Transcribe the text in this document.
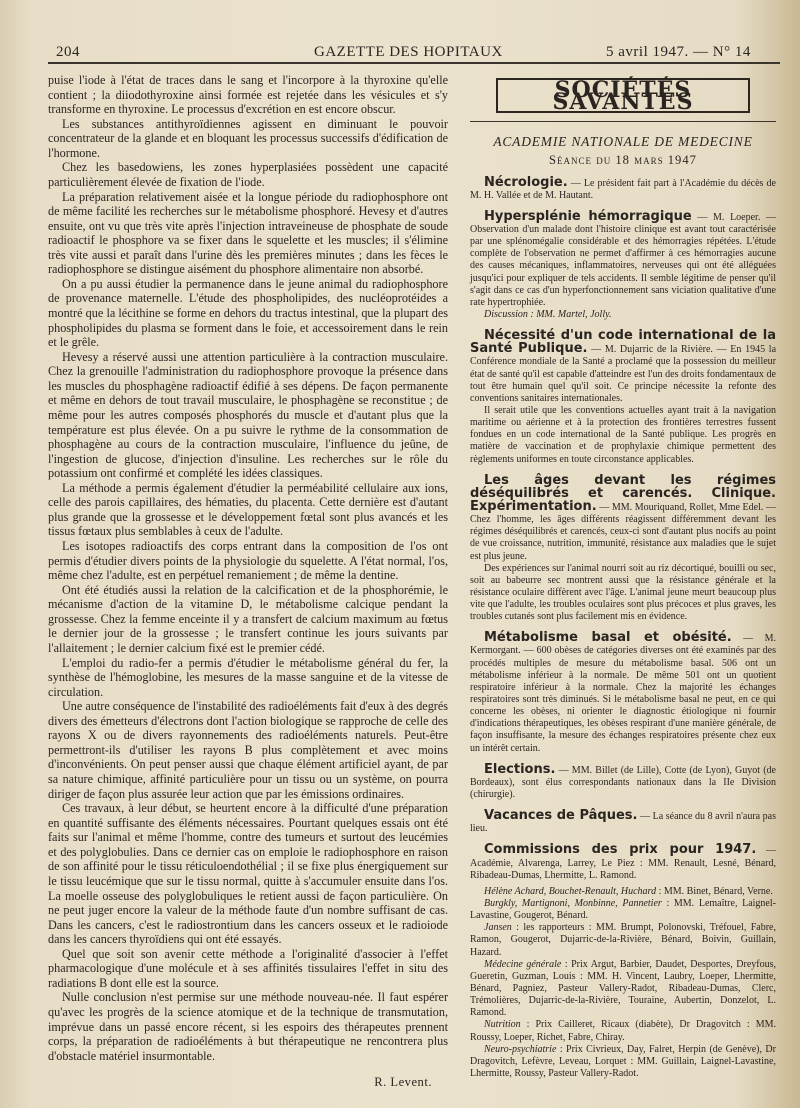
204	GAZETTE DES HOPITAUX	5 avril 1947. — N° 14

puise l'iode à l'état de traces dans le sang et l'incorpore à la thyroxine qu'elle contient ; la diiodothyroxine ainsi formée est rejetée dans les vésicules et s'y transforme en thyroxine. Le processus d'excrétion en est encore obscur.

Les substances antithyroïdiennes agissent en diminuant le pouvoir concentrateur de la glande et en bloquant les processus successifs d'édification de l'hormone.

Chez les basedowiens, les zones hyperplasiées possèdent une capacité particulièrement élevée de fixation de l'iode.

La préparation relativement aisée et la longue période du radiophosphore ont de même facilité les recherches sur le métabolisme phosphoré. Hevesy et d'autres ensuite, ont vu que très vite après l'injection intraveineuse de phosphate de soude radioactif le phosphore va se fixer dans le squelette et les muscles; il s'élimine très vite aussi et paraît dans l'urine dès les premières minutes ; dans les fèces le radiophosphore se distingue aisément du phosphore alimentaire non absorbé.

On a pu aussi étudier la permanence dans le jeune animal du radiophosphore de provenance maternelle. L'étude des phospholipides, des nucléoprotéides a montré que la lécithine se forme en dehors du tractus intestinal, que la plupart des phospholipides du plasma se forment dans le foie, et accessoirement dans le rein et le grêle.

Hevesy a réservé aussi une attention particulière à la contraction musculaire. Chez la grenouille l'administration du radiophosphore provoque la présence dans les muscles du phosphagène radioactif édifié à ses dépens. De façon permanente et même en dehors de tout travail musculaire, le phosphagène se reconstitue ; de même pour les autres composés phosphorés du muscle et d'autant plus que la température est plus élevée. On a pu suivre le rythme de la consommation de phosphagène au cours de la contraction musculaire, l'influence du jeûne, de l'ingestion de glucose, d'injection d'insuline. Les recherches sur le rôle du potassium ont confirmé et complété les idées classiques.

La méthode a permis également d'étudier la perméabilité cellulaire aux ions, celle des parois capillaires, des hématies, du placenta. Cette dernière est d'autant plus grande que la grossesse et le développement fœtal sont plus avancés et les tissus fœtaux plus semblables à ceux de l'adulte.

Les isotopes radioactifs des corps entrant dans la composition de l'os ont permis d'étudier divers points de la physiologie du squelette. A l'état normal, l'os, même chez l'adulte, est en perpétuel remaniement ; de même la dentine.

Ont été étudiés aussi la relation de la calcification et de la phosphorémie, le mécanisme d'action de la vitamine D, le métabolisme calcique pendant la grossesse. Chez la femme enceinte il y a transfert de calcium maximum au fœtus le dernier jour de la grossesse ; le transfert continue les jours suivants par l'allaitement ; le dernier calcium fixé est le premier cédé.

L'emploi du radio-fer a permis d'étudier le métabolisme général du fer, la synthèse de l'hémoglobine, les mesures de la masse sanguine et de la vitesse de circulation.

Une autre conséquence de l'instabilité des radioéléments fait d'eux à des degrés divers des émetteurs d'électrons dont l'action biologique se rapproche de celle des rayons X ou de divers rayonnements des radioéléments naturels. Peut-être permettront-ils d'utiliser les rayons B plus complètement et avec moins d'inconvénients. On peut penser aussi que chaque élément artificiel ayant, de par sa nature chimique, affinité particulière pour un tissu ou un système, on pourra diriger de façon plus assurée leur action que par les émissions ordinaires.

Ces travaux, à leur début, se heurtent encore à la difficulté d'une préparation en quantité suffisante des éléments nécessaires. Pourtant quelques essais ont été faits sur l'animal et même l'homme, contre des tumeurs et surtout des leucémies et des polyglobulies. Dans ce dernier cas on emploie le radiophosphore en raison de son affinité pour le tissu réticuloendothélial ; il se fixe plus énergiquement sur le tissu leucémique que sur le tissu normal, quitte à s'accumuler ensuite dans l'os. La moelle osseuse des polyglobuliques le retient aussi de façon particulière. On ne peut juger encore la valeur de la méthode faute d'un nombre suffisant de cas. Dans les cancers, c'est le radiostrontium dans les cancers osseux et le radioiode dans les cancers thyroïdiens qui ont été essayés.

Quel que soit son avenir cette méthode a l'originalité d'associer à l'effet pharmacologique d'une molécule et à ses affinités tissulaires l'effet in situ des radiations B dont elle est la source.

Nulle conclusion n'est permise sur une méthode nouveau-née. Il faut espérer qu'avec les progrès de la science atomique et de la technique de transmutation, imprévue dans un passé encore récent, si les espoirs des thérapeutes prennent corps, la préparation de radioéléments à but thérapeutique ne rencontrera plus d'obstacle matériel insurmontable.

R. Levent.
SOCIÉTÉS SAVANTES
ACADEMIE NATIONALE DE MEDECINE
Séance du 18 mars 1947

Nécrologie. — Le président fait part à l'Académie du décès de M. H. Vallée et de M. Hautant.

Hypersplénie hémorragique — M. Loeper. — Observation d'un malade dont l'histoire clinique est avant tout caractérisée par une splénomégalie considérable et des hémorragies répétées. L'étude complète de l'observation ne permet d'affirmer à ces hémorragies aucune des causes mécaniques, inflammatoires, nerveuses qui ont été alléguées jusqu'ici pour expliquer de tels accidents. Il semble légitime de penser qu'il s'agit dans ce cas d'un hyperfonctionnement sans viciation qualitative d'une rate hypertrophiée.

Discussion : MM. Martel, Jolly.

Nécessité d'un code international de la Santé Publique. — M. Dujarric de la Rivière. — En 1945 la Conférence mondiale de la Santé a proclamé que la possession du meilleur état de santé qu'il est capable d'atteindre est l'un des droits fondamentaux de tout être humain quel qu'il soit. Ce principe nécessite la refonte des conventions sanitaires internationales.

Il serait utile que les conventions actuelles ayant trait à la navigation maritime ou aérienne et à la protection des frontières terrestres fussent fondues en un code international de la Santé publique. Les progrès en matière de vaccination et de prophylaxie chimique permettent des règlements uniformes en toute circonstance applicables.

Les âges devant les régimes déséquilibrés et carencés. Clinique. Expérimentation. — MM. Mouriquand, Rollet, Mme Edel. — Chez l'homme, les âges différents réagissent différemment devant les régimes déséquilibrés et carencés, ceux-ci sont d'autant plus nocifs au point de vue croissance, nutrition, immunité, résistance aux maladies que le sujet est plus jeune.

Des expériences sur l'animal nourri soit au riz décortiqué, bouilli ou sec, soit au babeurre sec montrent aussi que la résistance générale et la résistance oculaire diffèrent avec l'âge. L'animal jeune meurt beaucoup plus vite que l'adulte, les troubles oculaires sont plus précoces et plus graves, les troubles cutanés sont plus facilement mis en évidence.

Métabolisme basal et obésité. — M. Kermorgant. — 600 obèses de catégories diverses ont été examinés par des procédés multiples de mesure du métabolisme basal. 506 ont un métabolisme inférieur à la normale. De même 501 ont un quotient respiratoire inférieur à la normale. Chez la majorité les échanges respiratoires sont très diminués. Si le métabolisme basal ne peut, en ce qui concerne les obèses, ni orienter le diagnostic étiologique ni fournir d'indications thérapeutiques, les obèses respirant d'une manière générale, de façon insuffisante, la mesure des échanges respiratoires présente chez eux un intérêt certain.

Elections. — MM. Billet (de Lille), Cotte (de Lyon), Guyot (de Bordeaux), sont élus correspondants nationaux dans la IIe Division (chirurgie).

Vacances de Pâques. — La séance du 8 avril n'aura pas lieu.

Commissions des prix pour 1947. — Académie, Alvarenga, Larrey, Le Piez : MM. Renault, Lesné, Bénard, Ribadeau-Dumas, Lhermitte, L. Ramond.

Hélène Achard, Bouchet-Renault, Huchard : MM. Binet, Bénard, Verne.

Burgkly, Martignoni, Monbinne, Pannetier : MM. Lemaître, Laignel-Lavastine, Gougerot, Bénard.

Jansen : les rapporteurs : MM. Brumpt, Polonovski, Tréfouel, Fabre, Ramon, Gougerot, Dujarric-de-la-Rivière, Bénard, Boivin, Guillain, Hazard.

Médecine générale : Prix Argut, Barbier, Daudet, Desportes, Dreyfous, Gueretin, Guzman, Louis : MM. H. Vincent, Laubry, Loeper, Lhermitte, Bénard, Pagniez, Pasteur Vallery-Radot, Ribadeau-Dumas, Clerc, Trémolières, Dujarric-de-la-Rivière, Touraine, Aubertin, Donzelot, L. Ramond.

Nutrition : Prix Cailleret, Ricaux (diabète), Dr Dragovitch : MM. Roussy, Loeper, Richet, Fabre, Chiray.

Neuro-psychiatrie : Prix Civrieux, Day, Falret, Herpin (de Genève), Dr Dragovitch, Lefèvre, Leveau, Lorquet : MM. Guillain, Laignel-Lavastine, Lhermitte, Roussy, Pasteur Vallery-Radot.
